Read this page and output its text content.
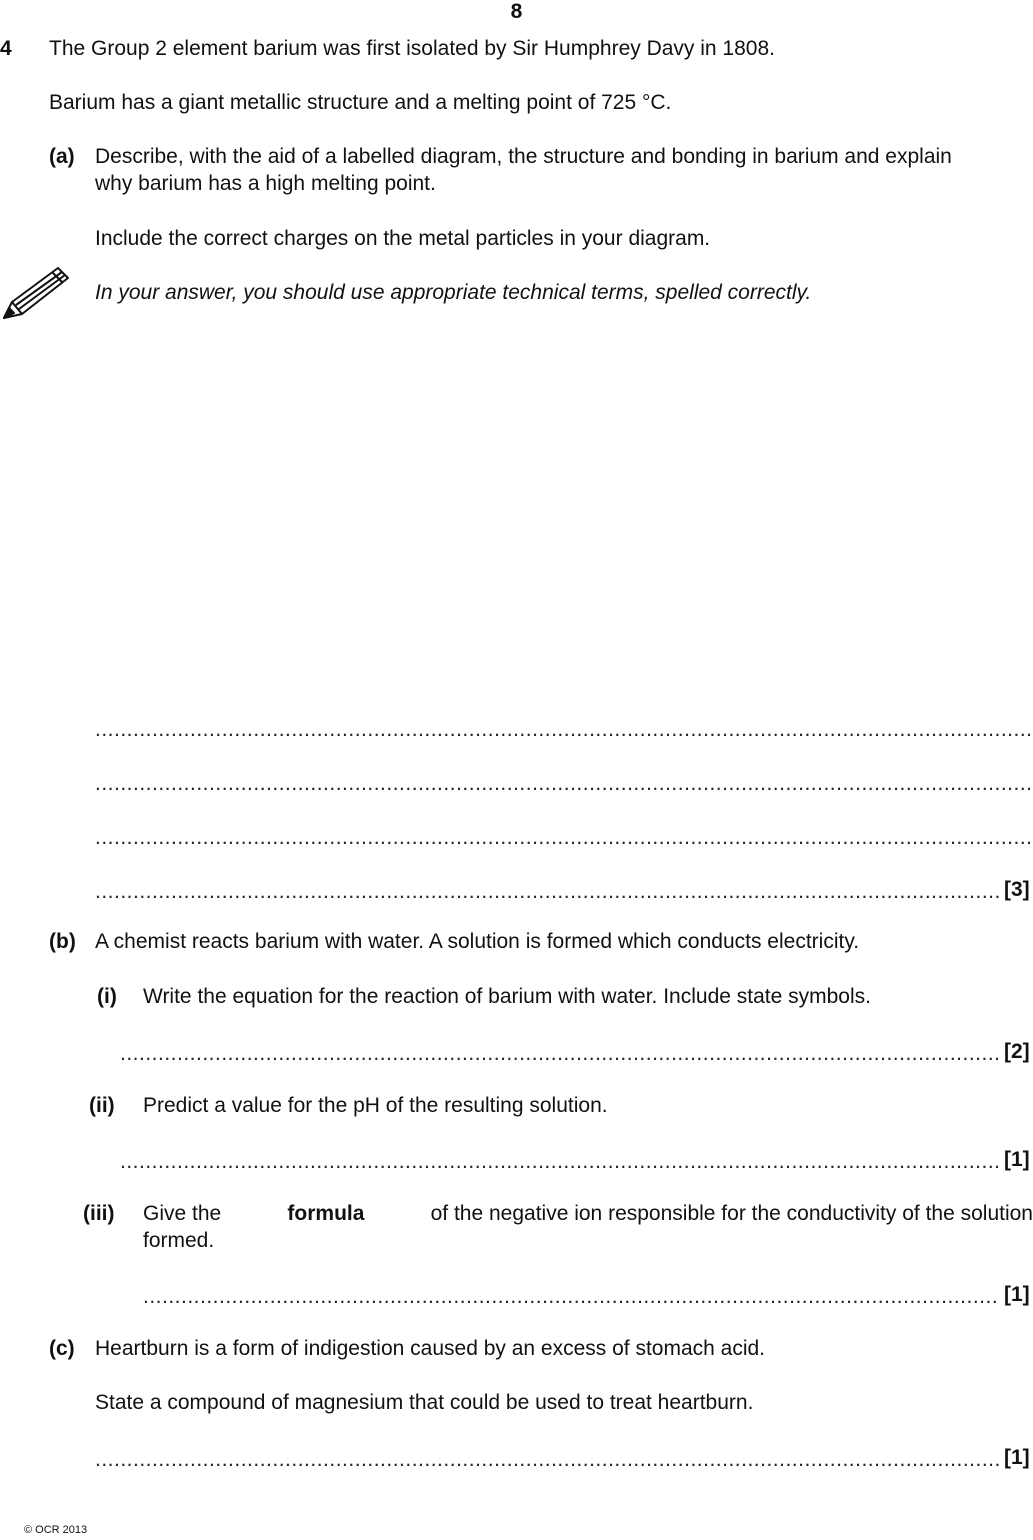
8
4 The Group 2 element barium was first isolated by Sir Humphrey Davy in 1808.
Barium has a giant metallic structure and a melting point of 725 °C.
(a) Describe, with the aid of a labelled diagram, the structure and bonding in barium and explain
why barium has a high melting point.
Include the correct charges on the metal particles in your diagram.
In your answer, you should use appropriate technical terms, spelled correctly.
.....
.....
.....
.....
[3]
(b) A chemist reacts barium with water. A solution is formed which conducts electricity.
(i) Write the equation for the reaction of barium with water. Include state symbols.
.....
[2]
(ii) Predict a value for the pH of the resulting solution.
.....
[1]
(iii) Give the	formula	of the negative ion responsible for the conductivity of the solution
formed.
.....
[1]
(c) Heartburn is a form of indigestion caused by an excess of stomach acid.
State a compound of magnesium that could be used to treat heartburn.
.....
[1]
© OCR 2013
